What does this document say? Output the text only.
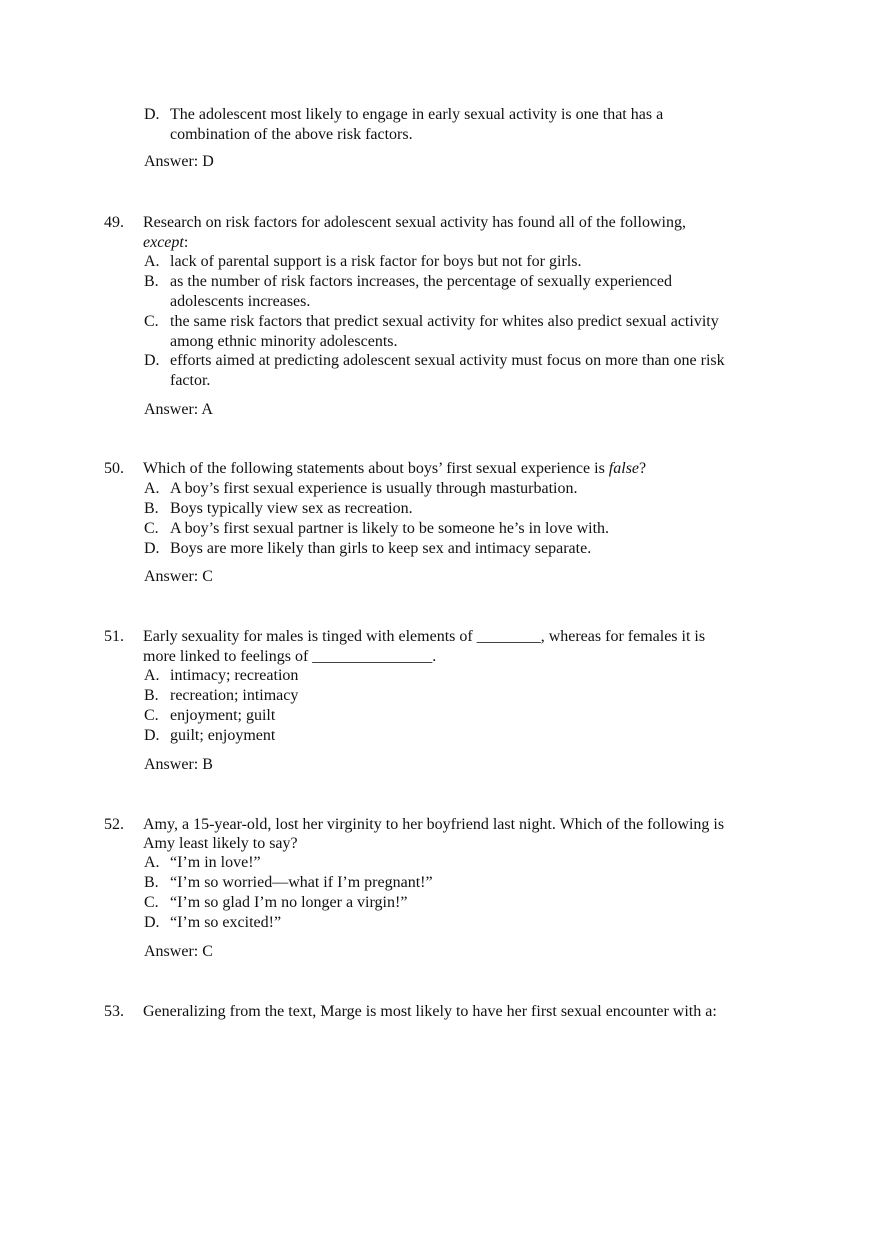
D. The adolescent most likely to engage in early sexual activity is one that has a
combination of the above risk factors.
Answer: D
49. Research on risk factors for adolescent sexual activity has found all of the following,
except:
A. lack of parental support is a risk factor for boys but not for girls.
B. as the number of risk factors increases, the percentage of sexually experienced
adolescents increases.
C. the same risk factors that predict sexual activity for whites also predict sexual activity
among ethnic minority adolescents.
D. efforts aimed at predicting adolescent sexual activity must focus on more than one risk
factor.
Answer: A
50. Which of the following statements about boys’ first sexual experience is false?
A. A boy’s first sexual experience is usually through masturbation.
B. Boys typically view sex as recreation.
C. A boy’s first sexual partner is likely to be someone he’s in love with.
D. Boys are more likely than girls to keep sex and intimacy separate.
Answer: C
51. Early sexuality for males is tinged with elements of ________, whereas for females it is
more linked to feelings of _______________.
A. intimacy; recreation
B. recreation; intimacy
C. enjoyment; guilt
D. guilt; enjoyment
Answer: B
52. Amy, a 15-year-old, lost her virginity to her boyfriend last night. Which of the following is
Amy least likely to say?
A. “I’m in love!”
B. “I’m so worried—what if I’m pregnant!”
C. “I’m so glad I’m no longer a virgin!”
D. “I’m so excited!”
Answer: C
53. Generalizing from the text, Marge is most likely to have her first sexual encounter with a:
